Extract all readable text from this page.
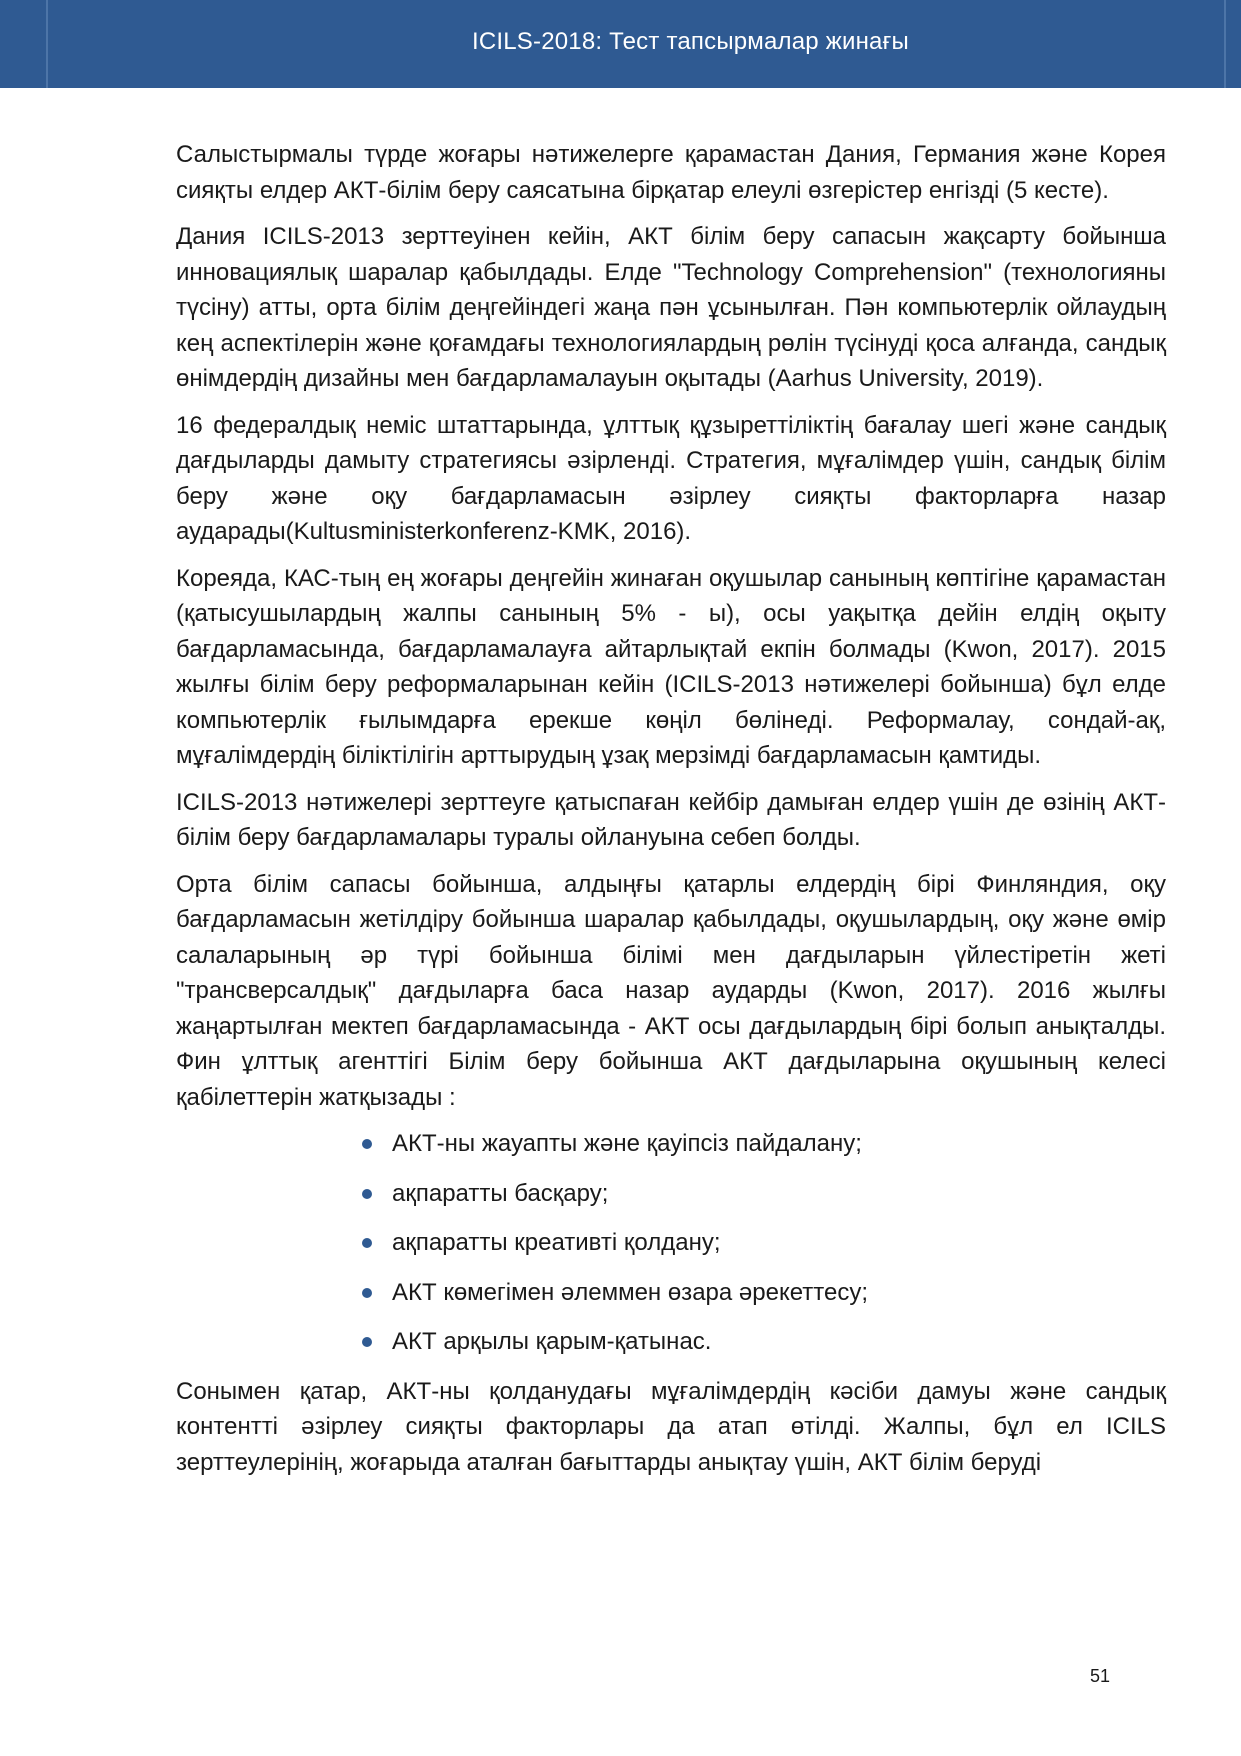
ICILS-2018: Тест тапсырмалар жинағы

Салыстырмалы түрде жоғары нәтижелерге қарамастан Дания, Германия және Корея сияқты елдер АКТ-білім беру саясатына бірқатар елеулі өзгерістер енгізді (5 кесте).

Дания ICILS-2013 зерттеуінен кейін, АКТ білім беру сапасын жақсарту бойынша инновациялық шаралар қабылдады. Елде "Technology Comprehension" (технологияны түсіну) атты, орта білім деңгейіндегі жаңа пән ұсынылған. Пән компьютерлік ойлаудың кең аспектілерін және қоғамдағы технологиялардың рөлін түсінуді қоса алғанда, сандық өнімдердің дизайны мен бағдарламалауын оқытады (Aarhus University, 2019).

16 федералдық неміс штаттарында, ұлттық құзыреттіліктің бағалау шегі және сандық дағдыларды дамыту стратегиясы әзірленді. Стратегия, мұғалімдер үшін, сандық білім беру және оқу бағдарламасын әзірлеу сияқты факторларға назар аударады(Kultusministerkonferenz-KMK, 2016).

Кореяда, КАС-тың ең жоғары деңгейін жинаған оқушылар санының көптігіне қарамастан (қатысушылардың жалпы санының 5% - ы), осы уақытқа дейін елдің оқыту бағдарламасында, бағдарламалауға айтарлықтай екпін болмады (Kwon, 2017). 2015 жылғы білім беру реформаларынан кейін (ICILS-2013 нәтижелері бойынша) бұл елде компьютерлік ғылымдарға ерекше көңіл бөлінеді. Реформалау, сондай-ақ, мұғалімдердің біліктілігін арттырудың ұзақ мерзімді бағдарламасын қамтиды.

ICILS-2013 нәтижелері зерттеуге қатыспаған кейбір дамыған елдер үшін де өзінің АКТ-білім беру бағдарламалары туралы ойлануына себеп болды.

Орта білім сапасы бойынша, алдыңғы қатарлы елдердің бірі Финляндия, оқу бағдарламасын жетілдіру бойынша шаралар қабылдады, оқушылардың, оқу және өмір салаларының әр түрі бойынша білімі мен дағдыларын үйлестіретін жеті "трансверсалдық" дағдыларға баса назар аударды (Kwon, 2017). 2016 жылғы жаңартылған мектеп бағдарламасында - АКТ осы дағдылардың бірі болып анықталды. Фин ұлттық агенттігі Білім беру бойынша АКТ дағдыларына оқушының келесі қабілеттерін жатқызады :

АКТ-ны жауапты және қауіпсіз пайдалану;
ақпаратты басқару;
ақпаратты креативті қолдану;
АКТ көмегімен әлеммен өзара әрекеттесу;
АКТ арқылы қарым-қатынас.

Сонымен қатар, АКТ-ны қолданудағы мұғалімдердің кәсіби дамуы және сандық контентті әзірлеу сияқты факторлары да атап өтілді. Жалпы, бұл ел ICILS зерттеулерінің, жоғарыда аталған бағыттарды анықтау үшін, АКТ білім беруді

51
